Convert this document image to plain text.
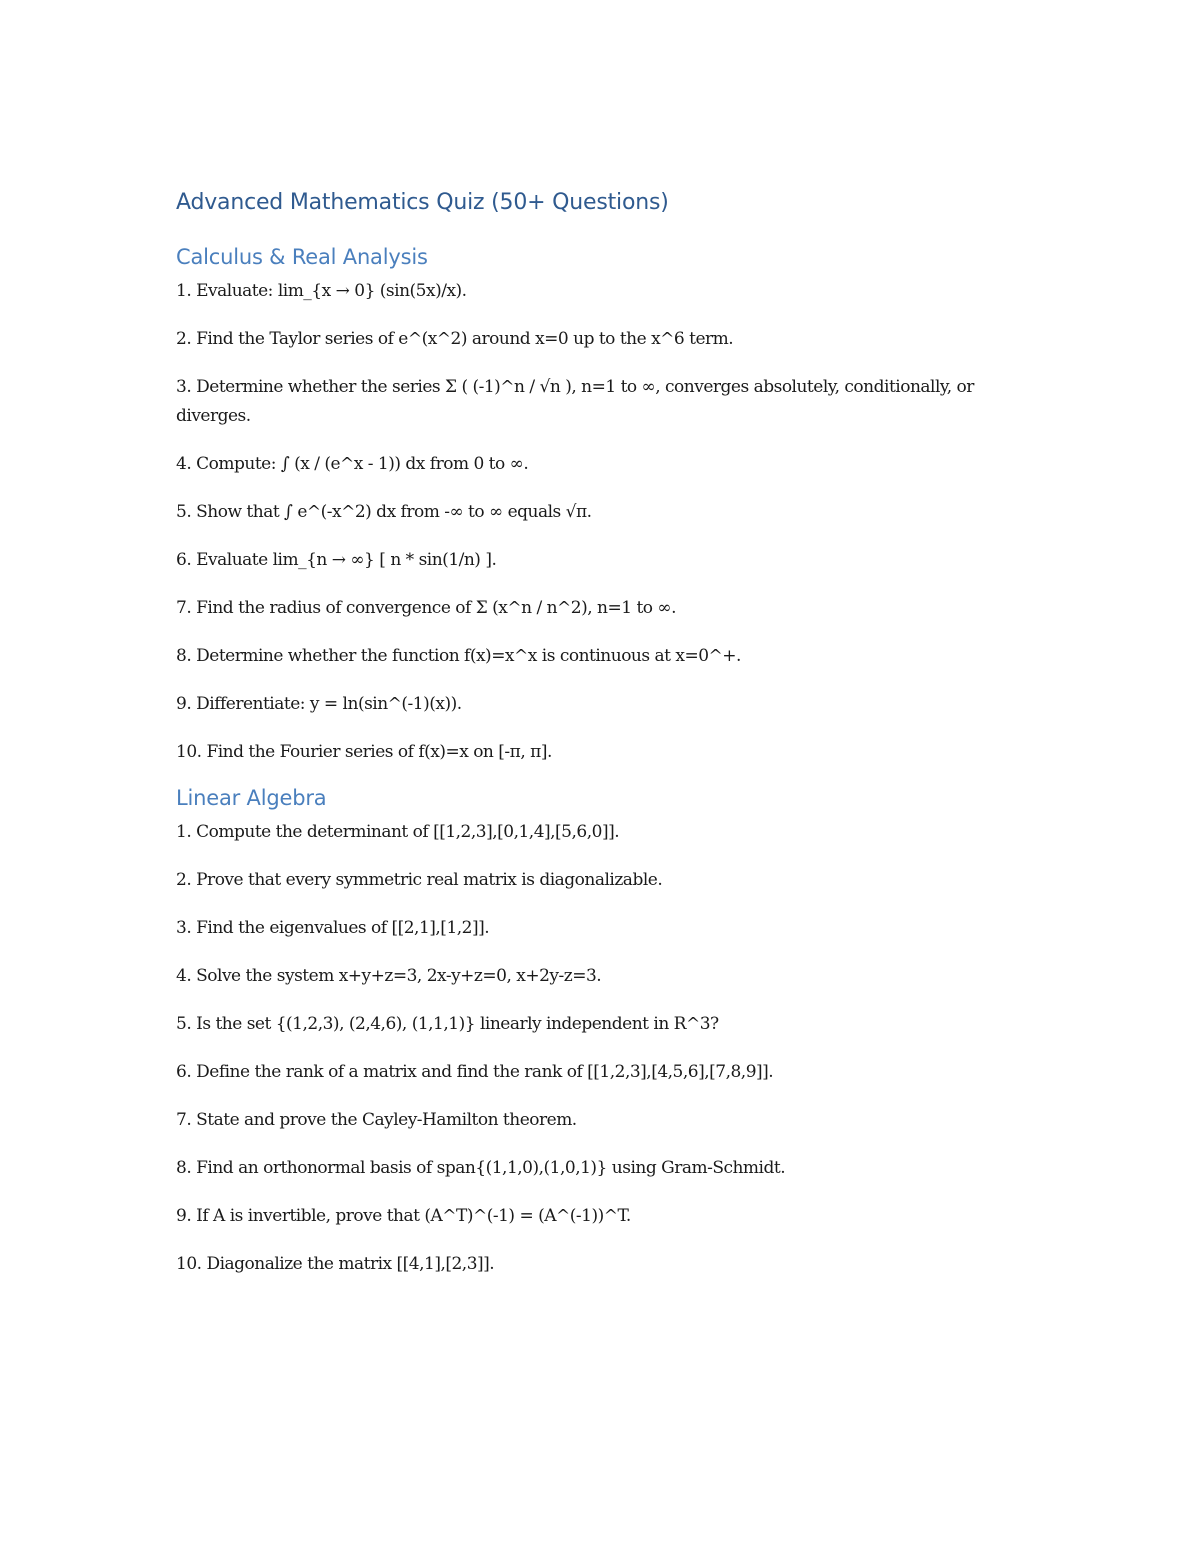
Advanced Mathematics Quiz (50+ Questions)
Calculus & Real Analysis
1. Evaluate: lim_{x → 0} (sin(5x)/x).
2. Find the Taylor series of e^(x^2) around x=0 up to the x^6 term.
3. Determine whether the series Σ ( (-1)^n / √n ), n=1 to ∞, converges absolutely, conditionally, or diverges.
4. Compute: ∫ (x / (e^x - 1)) dx from 0 to ∞.
5. Show that ∫ e^(-x^2) dx from -∞ to ∞ equals √π.
6. Evaluate lim_{n → ∞} [ n * sin(1/n) ].
7. Find the radius of convergence of Σ (x^n / n^2), n=1 to ∞.
8. Determine whether the function f(x)=x^x is continuous at x=0^+.
9. Differentiate: y = ln(sin^(-1)(x)).
10. Find the Fourier series of f(x)=x on [-π, π].
Linear Algebra
1. Compute the determinant of [[1,2,3],[0,1,4],[5,6,0]].
2. Prove that every symmetric real matrix is diagonalizable.
3. Find the eigenvalues of [[2,1],[1,2]].
4. Solve the system x+y+z=3, 2x-y+z=0, x+2y-z=3.
5. Is the set {(1,2,3), (2,4,6), (1,1,1)} linearly independent in R^3?
6. Define the rank of a matrix and find the rank of [[1,2,3],[4,5,6],[7,8,9]].
7. State and prove the Cayley-Hamilton theorem.
8. Find an orthonormal basis of span{(1,1,0),(1,0,1)} using Gram-Schmidt.
9. If A is invertible, prove that (A^T)^(-1) = (A^(-1))^T.
10. Diagonalize the matrix [[4,1],[2,3]].
